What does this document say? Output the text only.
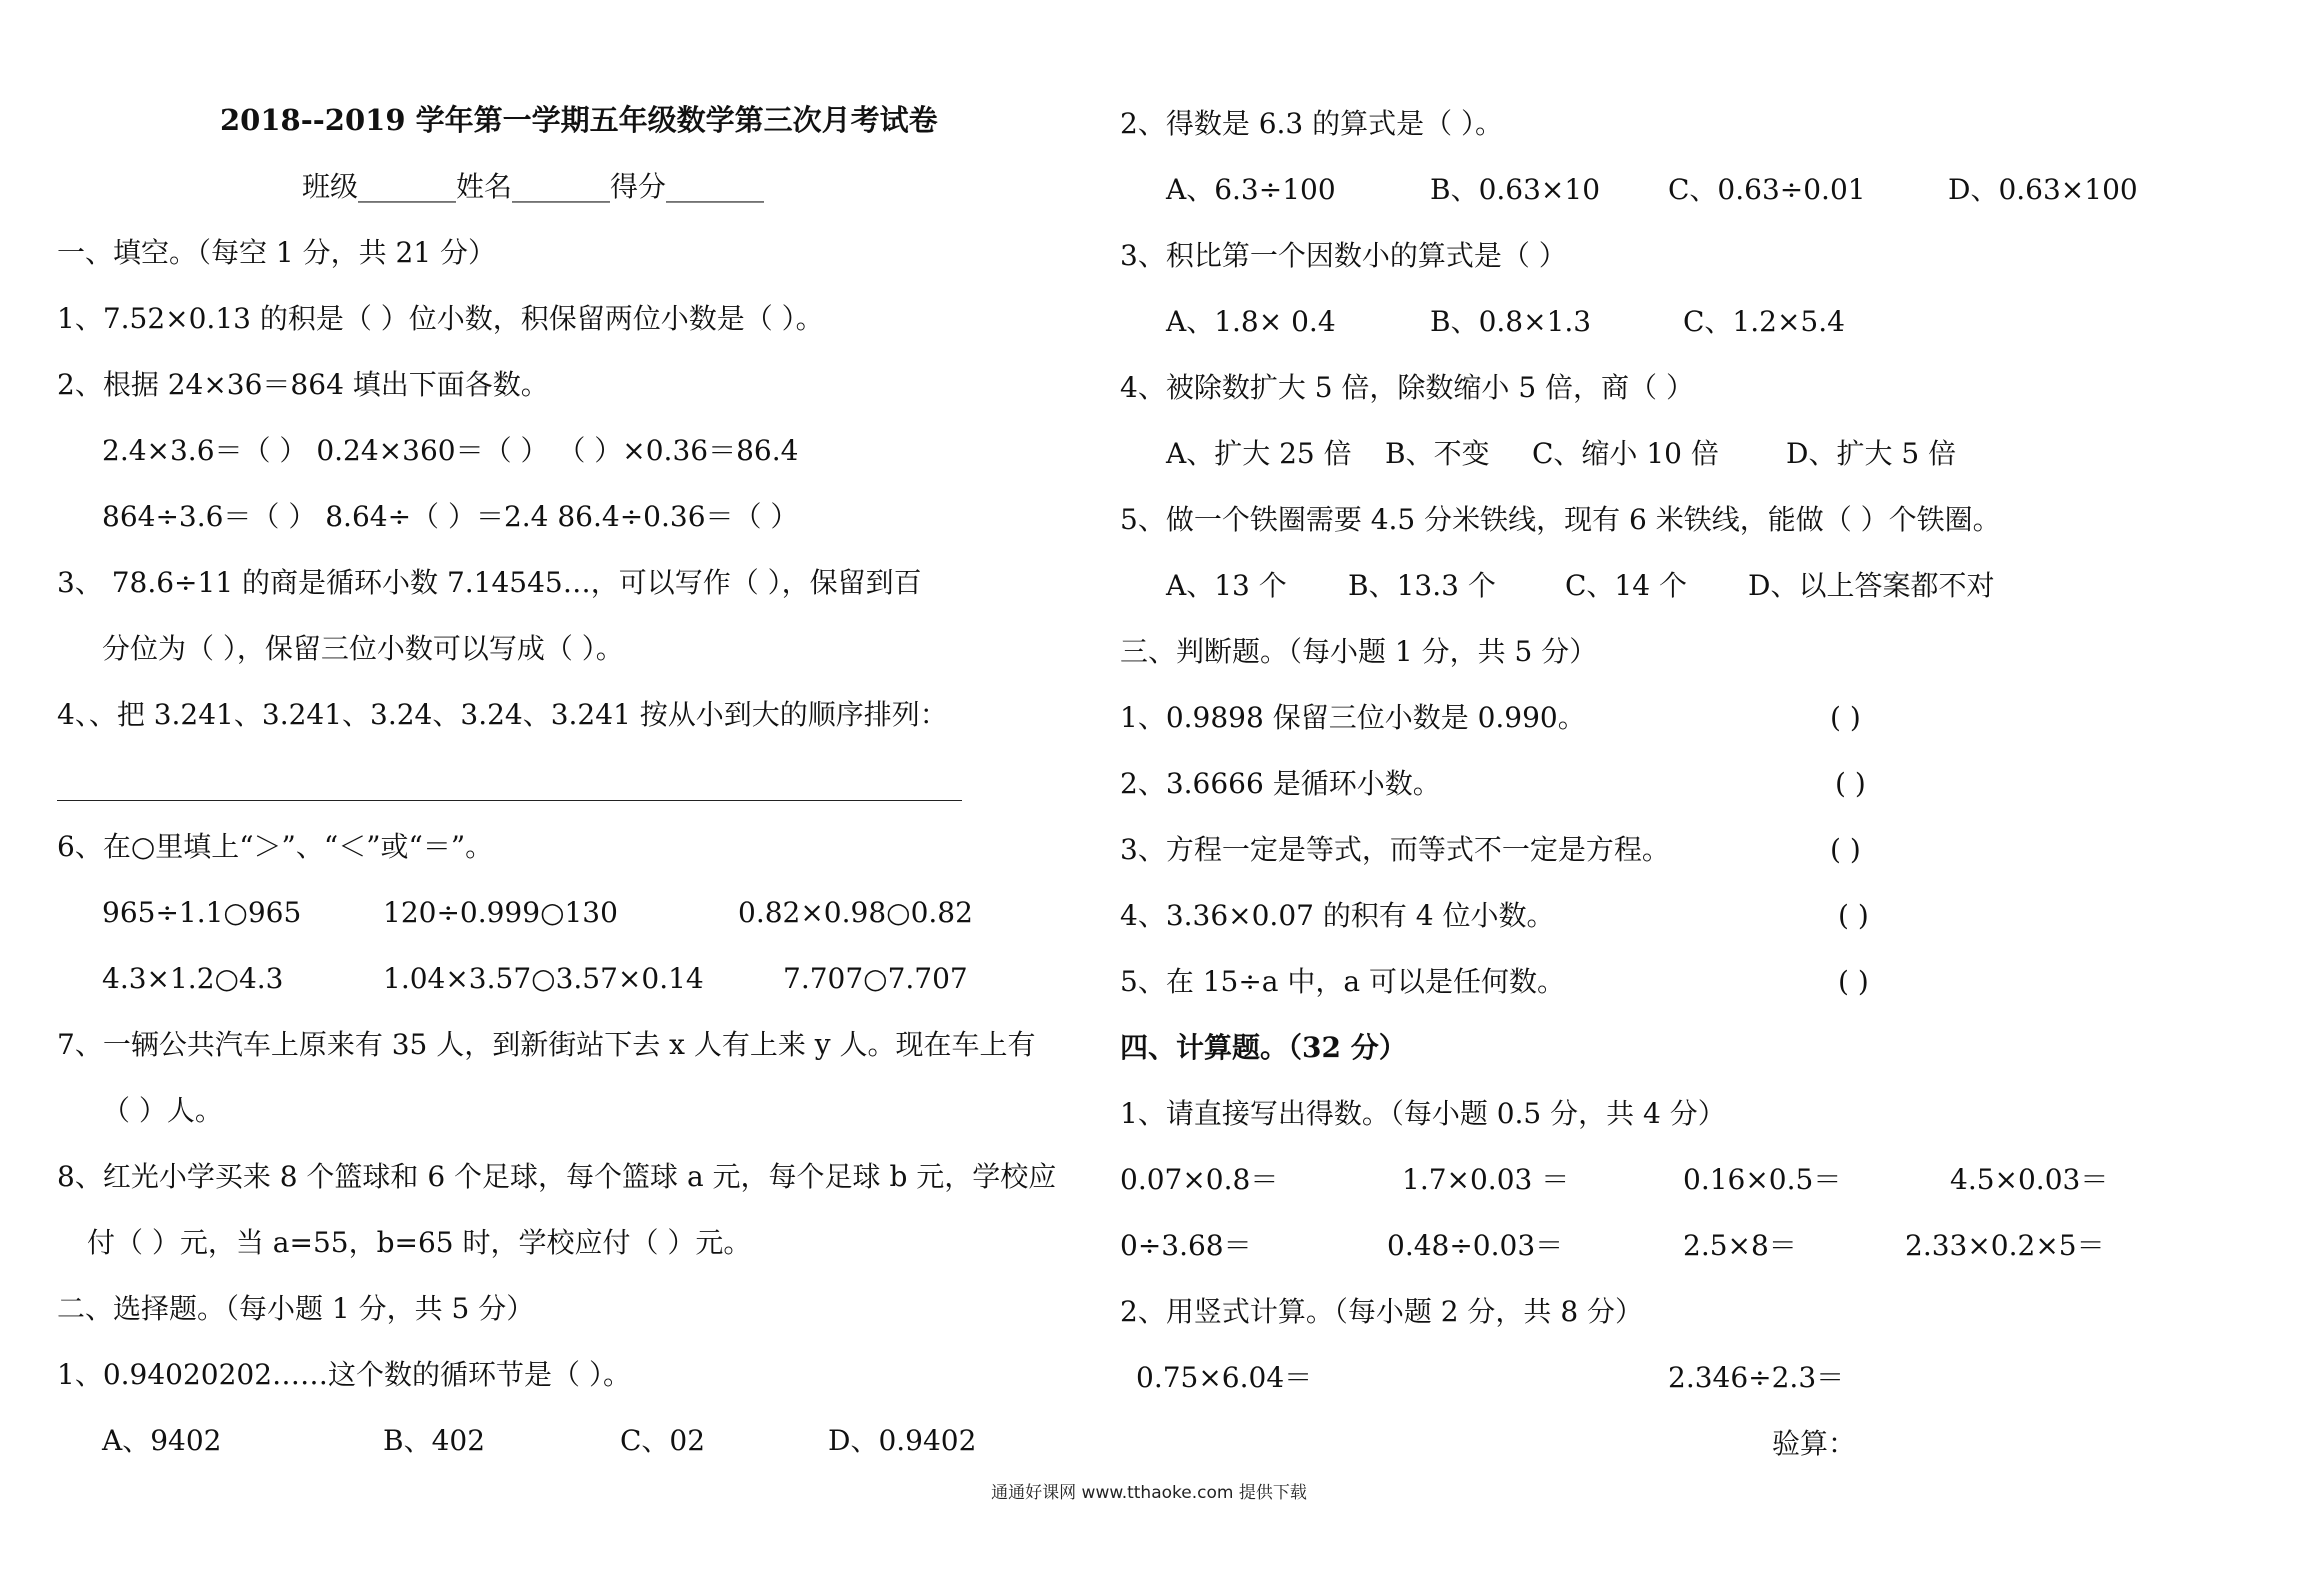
2018--2019 学年第一学期五年级数学第三次月考试卷
班级_______姓名_______得分_______
一、填空。（每空 1 分，共 21 分）
1、7.52×0.13 的积是（ ）位小数，积保留两位小数是（ ）。
2、根据 24×36＝864 填出下面各数。
2.4×3.6＝（ ） 0.24×360＝（ ） （ ）×0.36＝86.4
864÷3.6＝（ ） 8.64÷（ ）＝2.4 86.4÷0.36＝（ ）
3、 78.6÷11 的商是循环小数 7.14545…，可以写作（ ），保留到百
分位为（ ），保留三位小数可以写成（ ）。
4、、把 3.241、3.241、3.24、3.24、3.241 按从小到大的顺序排列：
6、在○里填上“＞”、“＜”或“＝”。
965÷1.1○965	120÷0.999○130	0.82×0.98○0.82
4.3×1.2○4.3	1.04×3.57○3.57×0.14	7.707○7.707
7、一辆公共汽车上原来有 35 人，到新街站下去 x 人有上来 y 人。现在车上有
（ ）人。
8、红光小学买来 8 个篮球和 6 个足球，每个篮球 a 元，每个足球 b 元，学校应
付（ ）元，当 a=55，b=65 时，学校应付（ ）元。
二、选择题。（每小题 1 分，共 5 分）
1、0.94020202……这个数的循环节是（ ）。
A、9402	B、402	C、02	D、0.9402
2、得数是 6.3 的算式是（ ）。
A、6.3÷100	B、0.63×10 C、0.63÷0.01	D、0.63×100
3、积比第一个因数小的算式是（ ）
A、1.8× 0.4	B、0.8×1.3	C、1.2×5.4
4、被除数扩大 5 倍，除数缩小 5 倍，商（ ）
A、扩大 25 倍 B、不变 C、缩小 10 倍 D、扩大 5 倍
5、做一个铁圈需要 4.5 分米铁线，现有 6 米铁线，能做（ ）个铁圈。
A、13 个 B、13.3 个 C、14 个 D、以上答案都不对
三、判断题。（每小题 1 分，共 5 分）
1、0.9898 保留三位小数是 0.990。	( )
2、3.6666 是循环小数。	( )
3、方程一定是等式，而等式不一定是方程。	( )
4、3.36×0.07 的积有 4 位小数。	( )
5、在 15÷a 中，a 可以是任何数。	( )
四、计算题。（32 分）
1、请直接写出得数。（每小题 0.5 分，共 4 分）
0.07×0.8＝	1.7×0.03 ＝	0.16×0.5＝	4.5×0.03＝
0÷3.68＝	0.48÷0.03＝	2.5×8＝	2.33×0.2×5＝
2、用竖式计算。（每小题 2 分，共 8 分）
0.75×6.04＝	2.346÷2.3＝
验算：
通通好课网 www.tthaoke.com 提供下载
